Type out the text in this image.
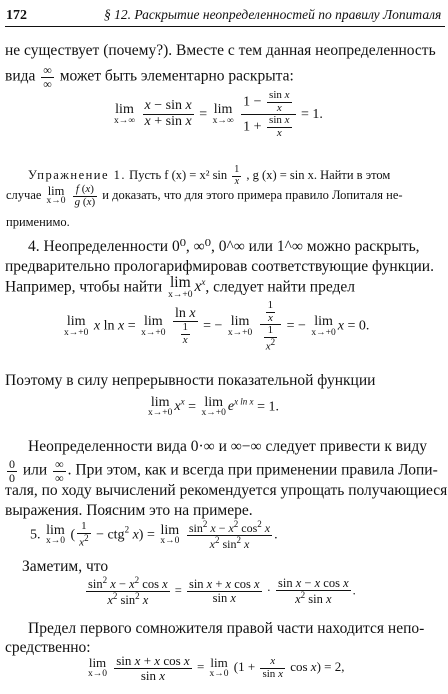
172	§ 12. Раскрытие неопределенностей по правилу Лопиталя
не существует (почему?). Вместе с тем данная неопределенность
вида $\frac{\infty}{\infty}$ может быть элементарно раскрыта:
lim
x→∞
$\frac{\text{x − sin x}}{\text{x + sin x}} = \lim$
x→∞
$\frac{1 - \frac{\text{sin x}}{x}}{1 + \frac{\text{sin x}}{x}} = 1$.
Упражнение 1. Пусть f (x) = x² $\sin \frac{1}{x}$ , g (x) = sin x. Найти в этом
случае lim
x→0
$\frac{f (x)}{g (x)}$ и доказать, что для этого примера правило Лопиталя не-
применимо.
4. Неопределенности 0⁰, ∞⁰, 0^∞ или 1^∞ можно раскрыть,
предварительно прологарифмировав соответствующие функции.
Например, чтобы найти lim
x→+0 $x^x$, следует найти предел
lim
x→+0 x ln x = lim
x→+0
$\frac{\text{ln x}}{\frac{1}{x}}$ = − lim
x→+0
$\frac{\frac{1}{x}}{\frac{1}{x^2}}$ = − lim
x→+0 x = 0.
Поэтому в силу непрерывности показательной функции
lim
x→+0 $x^x = \lim$
x→+0 $e^{x ln x} = 1$.
Неопределенности вида 0·∞ и ∞−∞ следует привести к виду
$\frac{0}{0}$ или $\frac{\infty}{\infty}$ . При этом, как и всегда при применении правила Лопи-
таля, по ходу вычислений рекомендуется упрощать получающиеся
выражения. Поясним это на примере.
5. lim
x→0 ( $\frac{1}{x^2} - ctg^2$ x) = lim
x→0
$\frac{\sin^2 x - x^2 \cos^2 x}{x^2 \sin^2 x}$ .
Заметим, что
$\frac{\sin^2 x - x^2 \cos x}{x^2 \sin^2 x} = \frac{\text{sin x + x cos x}}{\text{sin x}} \cdot \frac{\text{sin x − x cos x}}{x^2 \sin x}$ .
Предел первого сомножителя правой части находится непо-
средственно:
lim
x→0
$\frac{\text{sin x + x cos x}}{\text{sin x}} = \lim$
x→0 ($1 + \frac{x}{\text{sin x}}$ cos x) = 2,
